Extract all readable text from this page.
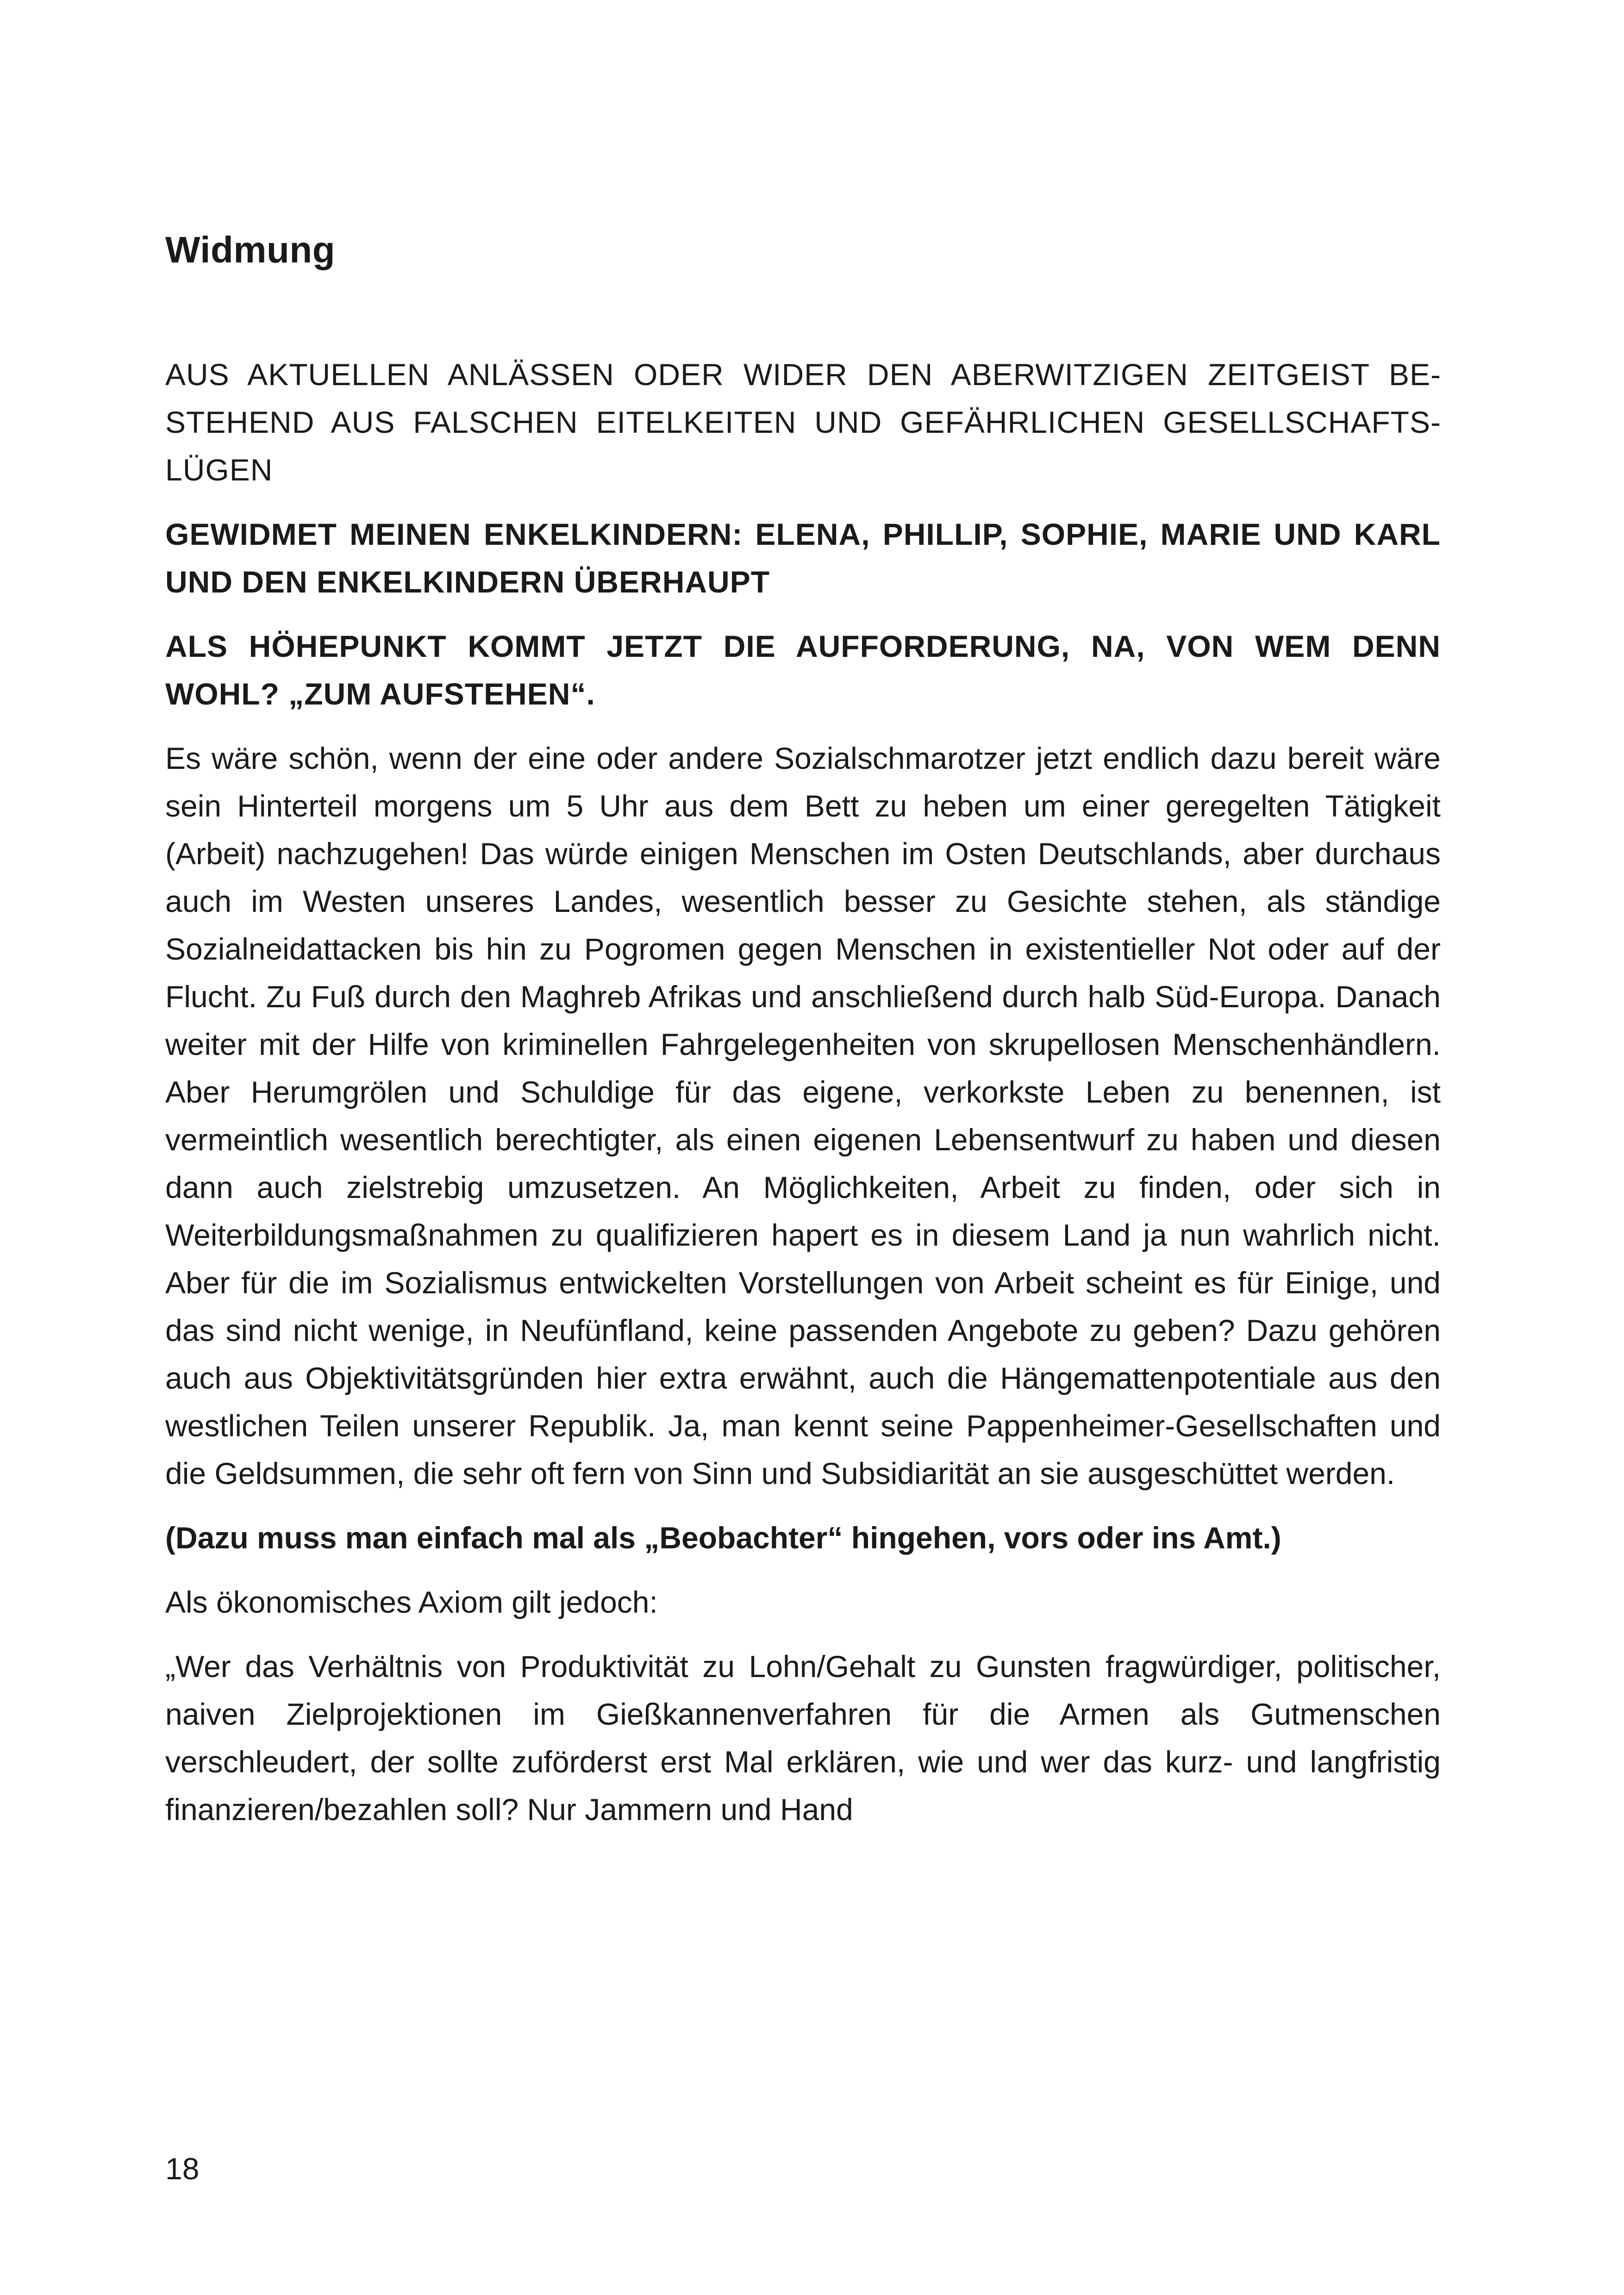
Widmung

AUS AKTUELLEN ANLÄSSEN ODER WIDER DEN ABERWITZIGEN ZEITGEIST BESTEHEND AUS FALSCHEN EITELKEITEN UND GEFÄHRLICHEN GESELLSCHAFTSLÜGEN

GEWIDMET MEINEN ENKELKINDERN: ELENA, PHILLIP, SOPHIE, MARIE UND KARL UND DEN ENKELKINDERN ÜBERHAUPT

ALS HÖHEPUNKT KOMMT JETZT DIE AUFFORDERUNG, NA, VON WEM DENN WOHL? „ZUM AUFSTEHEN“.

Es wäre schön, wenn der eine oder andere Sozialschmarotzer jetzt endlich dazu bereit wäre sein Hinterteil morgens um 5 Uhr aus dem Bett zu heben um einer geregelten Tätigkeit (Arbeit) nachzugehen! Das würde einigen Menschen im Osten Deutschlands, aber durchaus auch im Westen unseres Landes, wesentlich besser zu Gesichte stehen, als ständige Sozialneidattacken bis hin zu Pogromen gegen Menschen in existentieller Not oder auf der Flucht. Zu Fuß durch den Maghreb Afrikas und anschließend durch halb Süd-Europa. Danach weiter mit der Hilfe von kriminellen Fahrgelegenheiten von skrupellosen Menschenhändlern. Aber Herumgrölen und Schuldige für das eigene, verkorkste Leben zu benennen, ist vermeintlich wesentlich berechtigter, als einen eigenen Lebensentwurf zu haben und diesen dann auch zielstrebig umzusetzen. An Möglichkeiten, Arbeit zu finden, oder sich in Weiterbildungsmaßnahmen zu qualifizieren hapert es in diesem Land ja nun wahrlich nicht. Aber für die im Sozialismus entwickelten Vorstellungen von Arbeit scheint es für Einige, und das sind nicht wenige, in Neufünfland, keine passenden Angebote zu geben? Dazu gehören auch aus Objektivitätsgründen hier extra erwähnt, auch die Hängemattenpotentiale aus den westlichen Teilen unserer Republik. Ja, man kennt seine Pappenheimer-Gesellschaften und die Geldsummen, die sehr oft fern von Sinn und Subsidiarität an sie ausgeschüttet werden.

(Dazu muss man einfach mal als „Beobachter“ hingehen, vors oder ins Amt.)

Als ökonomisches Axiom gilt jedoch:

„Wer das Verhältnis von Produktivität zu Lohn/Gehalt zu Gunsten fragwürdiger, politischer, naiven Zielprojektionen im Gießkannenverfahren für die Armen als Gutmenschen verschleudert, der sollte zuförderst erst Mal erklären, wie und wer das kurz- und langfristig finanzieren/bezahlen soll? Nur Jammern und Hand

18
